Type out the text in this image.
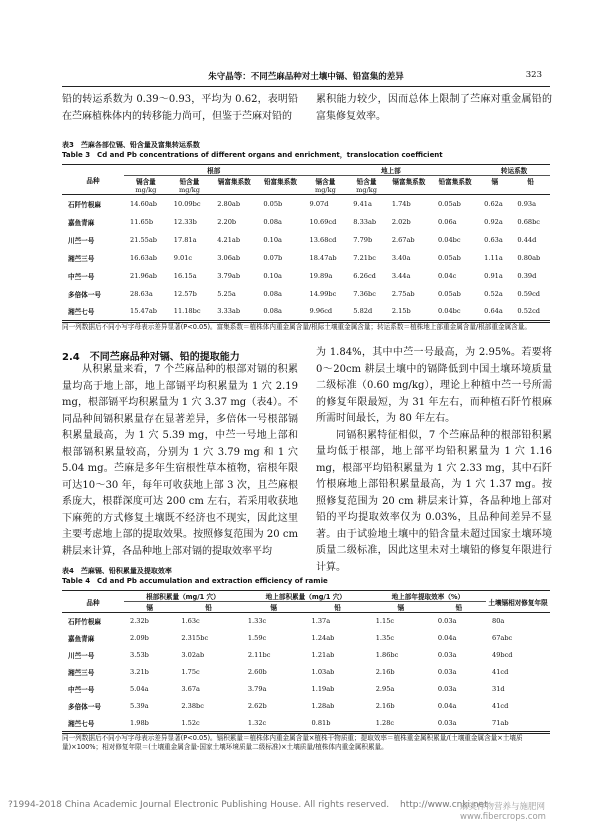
朱守晶等：不同苎麻品种对土壤中镉、铅富集的差异	323
铅的转运系数为 0.39～0.93，平均为 0.62，表明铅在苎麻植株体内的转移能力尚可，但鉴于苎麻对铅的
累积能力较少，因而总体上限制了苎麻对重金属铅的富集修复效率。
表3　苎麻各部位镉、铅含量及富集转运系数
Table 3　Cd and Pb concentrations of different organs and enrichment，translocation coefficient
品种	根部				地上部				转运系数	
	镉含量	铅含量	镉富集系数	铅富集系数	镉含量	铅含量	镉富集系数	铅富集系数	镉	铅
	mg/kg	mg/kg			mg/kg	mg/kg				
石阡竹根麻	14.60ab	10.09bc	2.80ab	0.05b	9.07d	9.41a	1.74b	0.05ab	0.62a	0.93a
嘉鱼青麻	11.65b	12.33b	2.20b	0.08a	10.69cd	8.33ab	2.02b	0.06a	0.92a	0.68bc
川苎一号	21.55ab	17.81a	4.21ab	0.10a	13.68cd	7.79b	2.67ab	0.04bc	0.63a	0.44d
湘苎三号	16.63ab	9.01c	3.06ab	0.07b	18.47ab	7.21bc	3.40a	0.05ab	1.11a	0.80ab
中苎一号	21.96ab	16.15a	3.79ab	0.10a	19.89a	6.26cd	3.44a	0.04c	0.91a	0.39d
多倍体一号	28.63a	12.57b	5.25a	0.08a	14.99bc	7.36bc	2.75ab	0.05ab	0.52a	0.59cd
湘苎七号	15.47ab	11.18bc	3.33ab	0.08a	9.96cd	5.82d	2.15b	0.04bc	0.64a	0.52cd
同一列数据后不同小写字母表示差异显著(P<0.05)。富集系数＝植株体内重金属含量/根际土壤重金属含量；转运系数＝植株地上部重金属含量/根部重金属含量。
2.4　不同苎麻品种对镉、铅的提取能力

从积累量来看，7 个苎麻品种的根部对镉的积累量均高于地上部，地上部镉平均积累量为 1 穴 2.19 mg，根部镉平均积累量为 1 穴 3.37 mg（表4）。不同品种间镉积累量存在显著差异，多倍体一号根部镉积累量最高，为 1 穴 5.39 mg，中苎一号地上部和根部镉积累量较高，分别为 1 穴 3.79 mg 和 1 穴 5.04 mg。苎麻是多年生宿根性草本植物，宿根年限可达10～30 年，每年可收获地上部 3 次，且苎麻根系庞大，根群深度可达 200 cm 左右，若采用收获地下麻蔸的方式修复土壤既不经济也不现实，因此这里主要考虑地上部的提取效果。按照修复范围为 20 cm 耕层来计算，各品种地上部对镉的提取效率平均

为 1.84%，其中中苎一号最高，为 2.95%。若要将 0～20cm 耕层土壤中的镉降低到中国土壤环境质量二级标准（0.60 mg/kg），理论上种植中苎一号所需的修复年限最短，为 31 年左右，而种植石阡竹根麻所需时间最长，为 80 年左右。

同镉积累特征相似，7 个苎麻品种的根部铅积累量均低于根部，地上部平均铅积累量为 1 穴 1.16 mg，根部平均铅积累量为 1 穴 2.33 mg，其中石阡竹根麻地上部铅积累量最高，为 1 穴 1.37 mg。按照修复范围为 20 cm 耕层来计算，各品种地上部对铅的平均提取效率仅为 0.03%，且品种间差异不显著。由于试验地土壤中的铅含量未超过国家土壤环境质量二级标准，因此这里未对土壤铅的修复年限进行计算。

表4　苎麻镉、铅积累量及提取效率
Table 4　Cd and Pb accumulation and extraction efficiency of ramie
品种	根部积累量（mg/1 穴）		地上部积累量（mg/1 穴）		地上部年提取效率（%）		土壤镉相对修复年限
	镉	铅	镉	铅	镉	铅	
石阡竹根麻	2.32b	1.63c	1.33c	1.37a	1.15c	0.03a	80a
嘉鱼青麻	2.09b	2.315bc	1.59c	1.24ab	1.35c	0.04a	67abc
川苎一号	3.53b	3.02ab	2.11bc	1.21ab	1.86bc	0.03a	49bcd
湘苎三号	3.21b	1.75c	2.60b	1.03ab	2.16b	0.03a	41cd
中苎一号	5.04a	3.67a	3.79a	1.19ab	2.95a	0.03a	31d
多倍体一号	5.39a	2.38bc	2.62b	1.28ab	2.16b	0.04a	41cd
湘苎七号	1.98b	1.52c	1.32c	0.81b	1.28c	0.03a	71ab
同一列数据后不同小写字母表示差异显著(P<0.05)。镉积累量＝植株体内重金属含量×植株干物质重；提取效率＝植株重金属积累量/(土壤重金属含量×土壤质量)×100%；相对修复年限＝(土壤重金属含量-国家土壤环境质量二级标准)×土壤质量/植株体内重金属积累量。
?1994-2018 China Academic Journal Electronic Publishing House. All rights reserved. http://www.cnki.net
麻类作物营养与施肥网 www.fibercrops.com
